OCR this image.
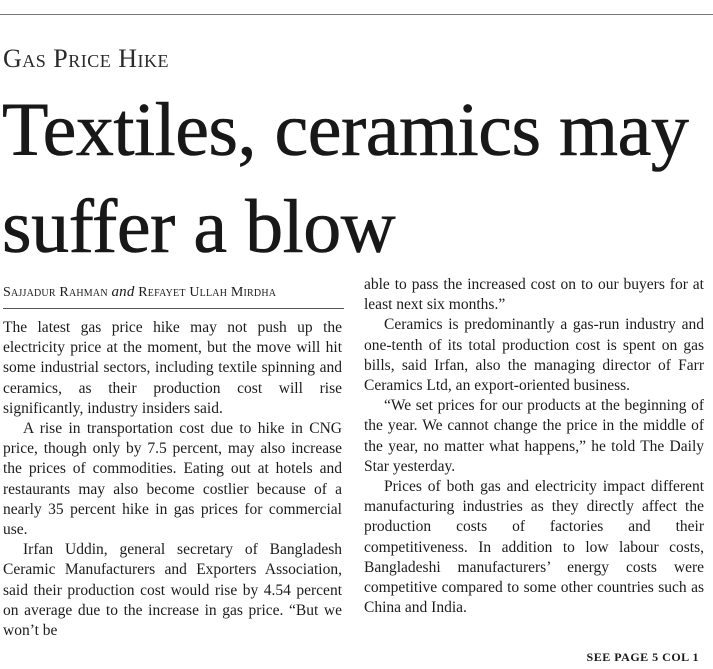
Gas Price Hike
Textiles, ceramics may suffer a blow
Sajjadur Rahman and Refayet Ullah Mirdha

The latest gas price hike may not push up the electricity price at the moment, but the move will hit some industrial sectors, including textile spinning and ceramics, as their production cost will rise significantly, industry insiders said.

A rise in transportation cost due to hike in CNG price, though only by 7.5 percent, may also increase the prices of commodities. Eating out at hotels and restaurants may also become costlier because of a nearly 35 percent hike in gas prices for commercial use.

Irfan Uddin, general secretary of Bangladesh Ceramic Manufacturers and Exporters Association, said their production cost would rise by 4.54 percent on average due to the increase in gas price. “But we won’t be

able to pass the increased cost on to our buyers for at least next six months.”

Ceramics is predominantly a gas-run industry and one-tenth of its total production cost is spent on gas bills, said Irfan, also the managing director of Farr Ceramics Ltd, an export-oriented business.

“We set prices for our products at the beginning of the year. We cannot change the price in the middle of the year, no matter what happens,” he told The Daily Star yesterday.

Prices of both gas and electricity impact different manufacturing industries as they directly affect the production costs of factories and their competitiveness. In addition to low labour costs, Bangladeshi manufacturers’ energy costs were competitive compared to some other countries such as China and India.

SEE PAGE 5 COL 1
